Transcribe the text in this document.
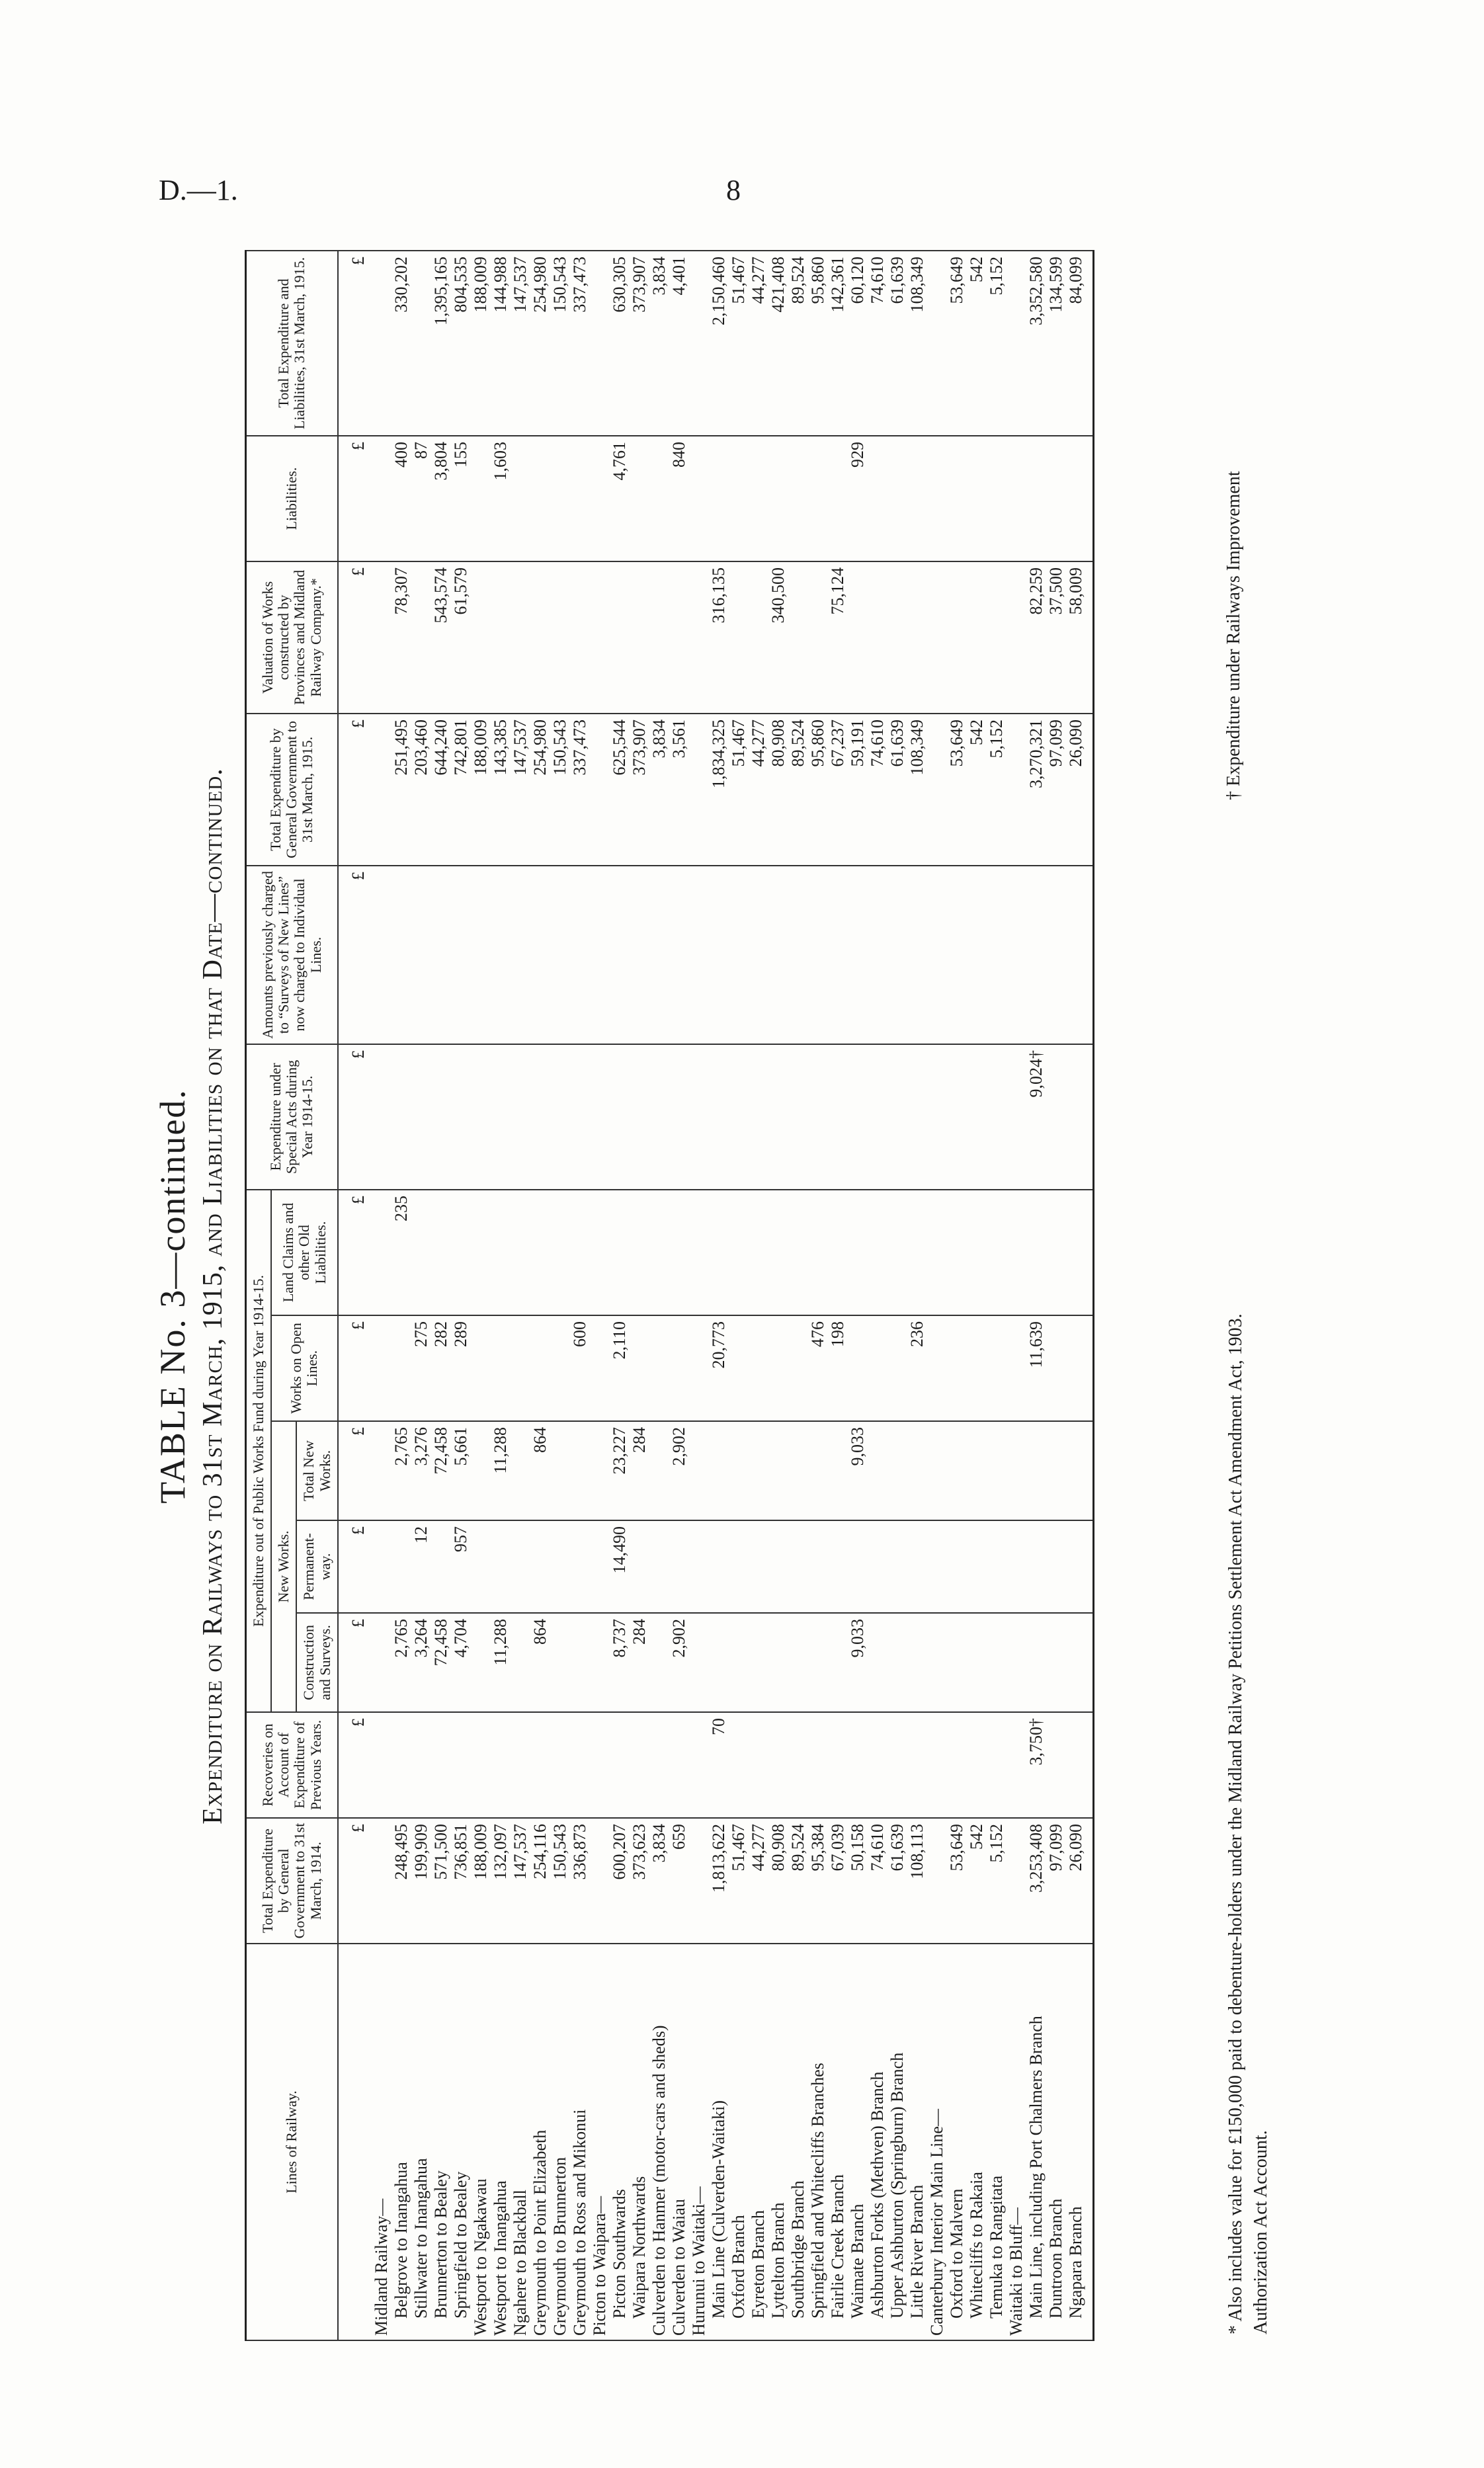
D.—1.	8
TABLE No. 3—continued. Expenditure on Railways to 31st March, 1915, and Liabilities on that Date—continued.
Lines of Railway.	Total Expenditure by General Government to 31st March, 1914.	Recoveries on Account of Expenditure of Previous Years.	Expenditure out of Public Works Fund during Year 1914-15.					Expenditure under Special Acts during Year 1914-15.	Amounts previously charged to “Surveys of New Lines” now charged to Individual Lines.	Total Expenditure by General Government to 31st March, 1915.	Valuation of Works constructed by Provinces and Midland Railway Company.*	Liabilities.	Total Expenditure and Liabilities, 31st March, 1915.
			New Works.			Works on Open Lines.	Land Claims and other Old Liabilities.						
			Construction and Surveys.	Permanent-way.	Total New Works.								
	£	£	£	£	£	£	£	£	£	£	£	£	£
Midland Railway—													
Belgrove to Inangahua	248,495		2,765		2,765		235			251,495	78,307	400	330,202
Stillwater to Inangahua	199,909		3,264	12	3,276	275				203,460		87	
Brunnerton to Bealey	571,500		72,458		72,458	282				644,240	543,574	3,804	1,395,165
Springfield to Bealey	736,851		4,704	957	5,661	289				742,801	61,579	155	804,535
Westport to Ngakawau	188,009									188,009			188,009
Westport to Inangahua	132,097		11,288		11,288					143,385		1,603	144,988
Ngahere to Blackball	147,537									147,537			147,537
Greymouth to Point Elizabeth	254,116		864		864					254,980			254,980
Greymouth to Brunnerton	150,543									150,543			150,543
Greymouth to Ross and Mikonui	336,873					600				337,473			337,473
Picton to Waipara—													
Picton Southwards	600,207		8,737	14,490	23,227	2,110				625,544		4,761	630,305
Waipara Northwards	373,623		284		284					373,907			373,907
Culverden to Hanmer (motor-cars and sheds)	3,834									3,834			3,834
Culverden to Waiau	659		2,902		2,902					3,561		840	4,401
Hurunui to Waitaki—													
Main Line (Culverden-Waitaki)	1,813,622	70				20,773				1,834,325	316,135		2,150,460
Oxford Branch	51,467									51,467			51,467
Eyreton Branch	44,277									44,277			44,277
Lyttelton Branch	80,908									80,908	340,500		421,408
Southbridge Branch	89,524									89,524			89,524
Springfield and Whitecliffs Branches	95,384					476				95,860			95,860
Fairlie Creek Branch	67,039					198				67,237	75,124		142,361
Waimate Branch	50,158		9,033		9,033					59,191		929	60,120
Ashburton Forks (Methven) Branch	74,610									74,610			74,610
Upper Ashburton (Springburn) Branch	61,639									61,639			61,639
Little River Branch	108,113					236				108,349			108,349
Canterbury Interior Main Line—													
Oxford to Malvern	53,649									53,649			53,649
Whitecliffs to Rakaia	542									542			542
Temuka to Rangitata	5,152									5,152			5,152
Waitaki to Bluff—													
Main Line, including Port Chalmers Branch	3,253,408	3,750†				11,639		9,024†		3,270,321	82,259		3,352,580
Duntroon Branch	97,099									97,099	37,500		134,599
Ngapara Branch	26,090									26,090	58,009		84,099
* Also includes value for £150,000 paid to debenture-holders under the Midland Railway Petitions Settlement Act Amendment Act, 1903. Authorization Act Account.
† Expenditure under Railways Improvement
